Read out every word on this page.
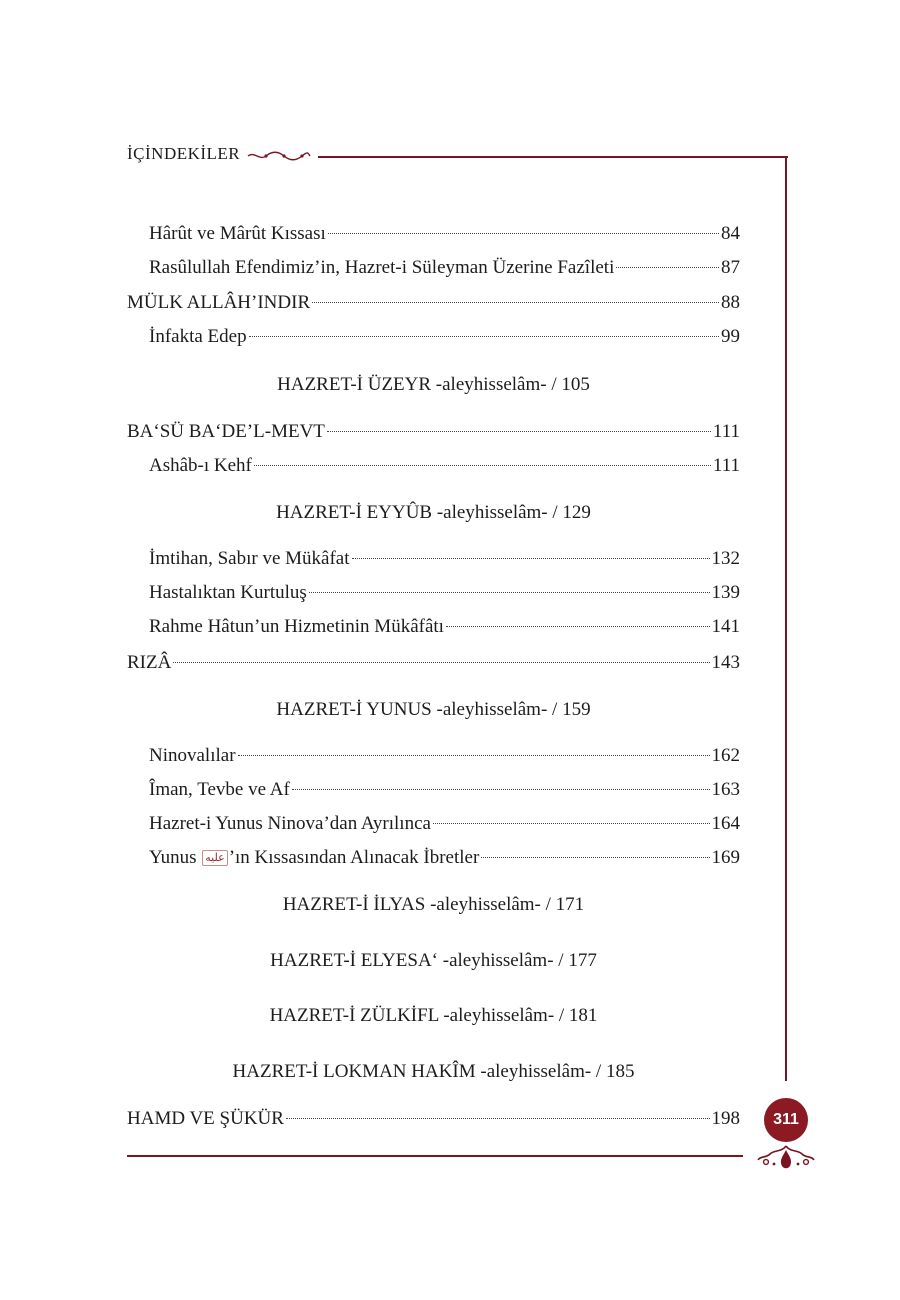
İÇİNDEKİLER
Hârût ve Mârût Kıssası	84
Rasûlullah Efendimiz’in, Hazret-i Süleyman Üzerine Fazîleti	87
MÜLK ALLÂH’INDIR	88
İnfakta Edep	99
HAZRET-İ ÜZEYR -aleyhisselâm- / 105
BA‘SÜ BA‘DE’L-MEVT	111
Ashâb-ı Kehf	111
HAZRET-İ EYYÛB -aleyhisselâm- / 129
İmtihan, Sabır ve Mükâfat	132
Hastalıktan Kurtuluş	139
Rahme Hâtun’un Hizmetinin Mükâfâtı	141
RIZÂ	143
HAZRET-İ YUNUS -aleyhisselâm- / 159
Ninovalılar	162
Îman, Tevbe ve Af	163
Hazret-i Yunus Ninova’dan Ayrılınca	164
Yunus عليه ’ın Kıssasından Alınacak İbretler	169
HAZRET-İ İLYAS -aleyhisselâm- / 171
HAZRET-İ ELYESA‘ -aleyhisselâm- / 177
HAZRET-İ ZÜLKİFL -aleyhisselâm- / 181
HAZRET-İ LOKMAN HAKÎM -aleyhisselâm- / 185
HAMD VE ŞÜKÜR	198	311
